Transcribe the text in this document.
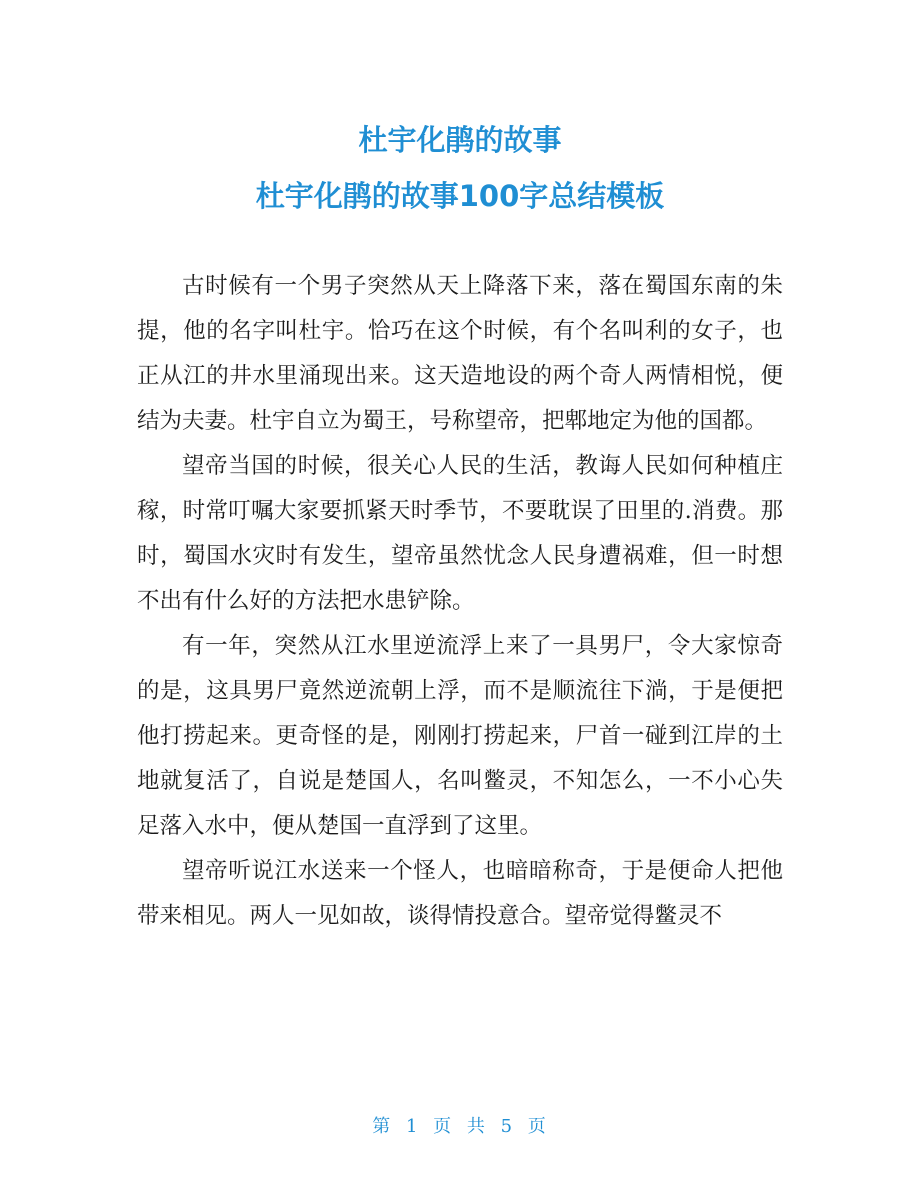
杜宇化鹃的故事
杜宇化鹃的故事100字总结模板

古时候有一个男子突然从天上降落下来，落在蜀国东南的朱提，他的名字叫杜宇。恰巧在这个时候，有个名叫利的女子，也正从江的井水里涌现出来。这天造地设的两个奇人两情相悦，便结为夫妻。杜宇自立为蜀王，号称望帝，把郫地定为他的国都。

望帝当国的时候，很关心人民的生活，教诲人民如何种植庄稼，时常叮嘱大家要抓紧天时季节，不要耽误了田里的.消费。那时，蜀国水灾时有发生，望帝虽然忧念人民身遭祸难，但一时想不出有什么好的方法把水患铲除。

有一年，突然从江水里逆流浮上来了一具男尸，令大家惊奇的是，这具男尸竟然逆流朝上浮，而不是顺流往下淌，于是便把他打捞起来。更奇怪的是，刚刚打捞起来，尸首一碰到江岸的土地就复活了，自说是楚国人，名叫鳖灵，不知怎么，一不小心失足落入水中，便从楚国一直浮到了这里。

望帝听说江水送来一个怪人，也暗暗称奇，于是便命人把他带来相见。两人一见如故，谈得情投意合。望帝觉得鳖灵不

第 1 页 共 5 页
